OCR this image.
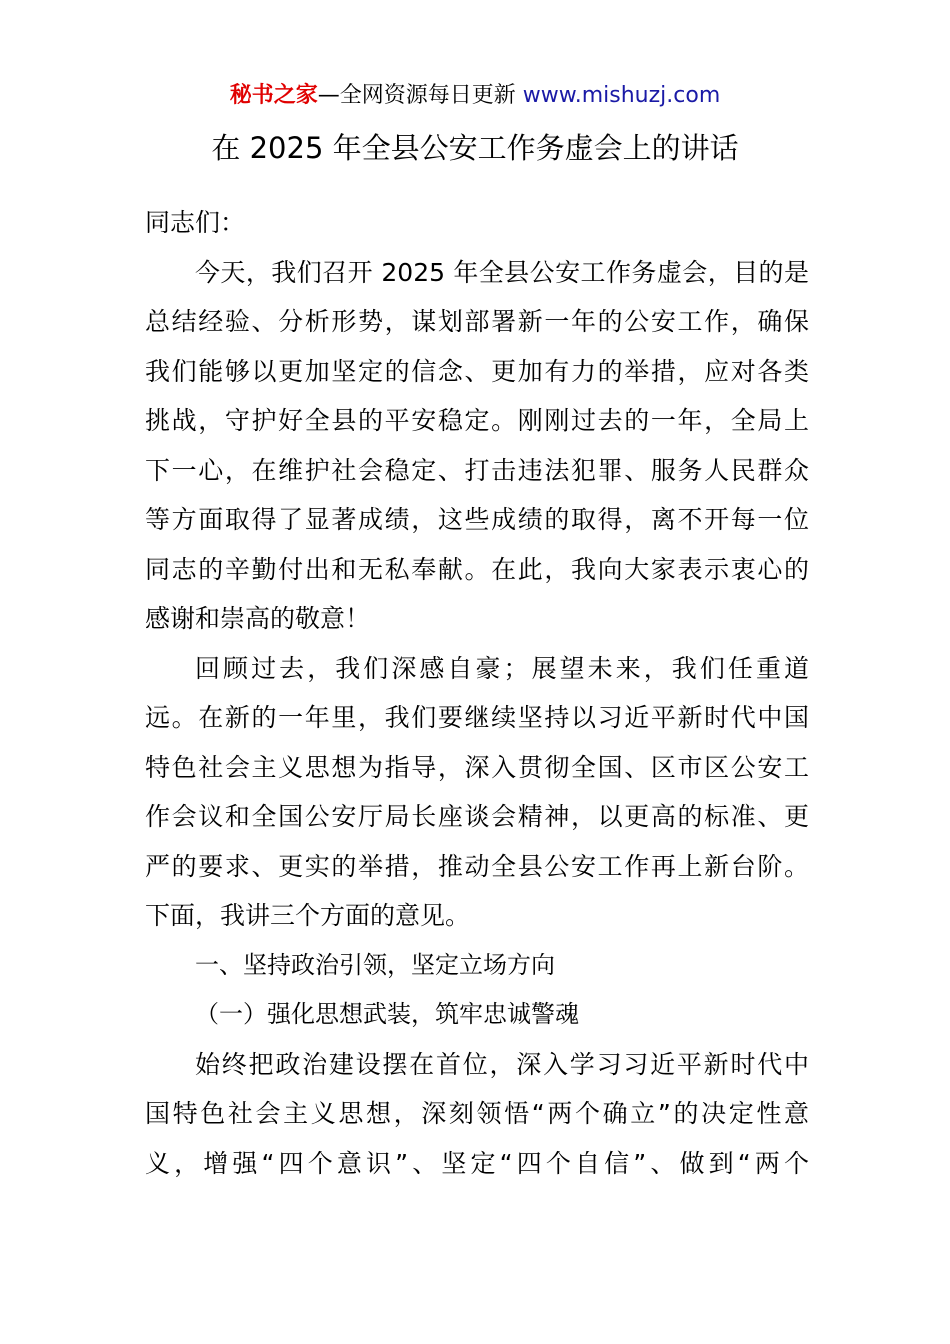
秘书之家—全网资源每日更新 www.mishuzj.com
在 2025 年全县公安工作务虚会上的讲话
同志们：
今天，我们召开 2025 年全县公安工作务虚会，目的是
总结经验、分析形势，谋划部署新一年的公安工作，确保
我们能够以更加坚定的信念、更加有力的举措，应对各类
挑战，守护好全县的平安稳定。刚刚过去的一年，全局上
下一心，在维护社会稳定、打击违法犯罪、服务人民群众
等方面取得了显著成绩，这些成绩的取得，离不开每一位
同志的辛勤付出和无私奉献。在此，我向大家表示衷心的
感谢和崇高的敬意！
回顾过去，我们深感自豪；展望未来，我们任重道
远。在新的一年里，我们要继续坚持以习近平新时代中国
特色社会主义思想为指导，深入贯彻全国、区市区公安工
作会议和全国公安厅局长座谈会精神，以更高的标准、更
严的要求、更实的举措，推动全县公安工作再上新台阶。
下面，我讲三个方面的意见。
一、坚持政治引领，坚定立场方向
（一）强化思想武装，筑牢忠诚警魂
始终把政治建设摆在首位，深入学习习近平新时代中
国特色社会主义思想，深刻领悟“两个确立”的决定性意
义，增强“四个意识”、坚定“四个自信”、做到“两个
